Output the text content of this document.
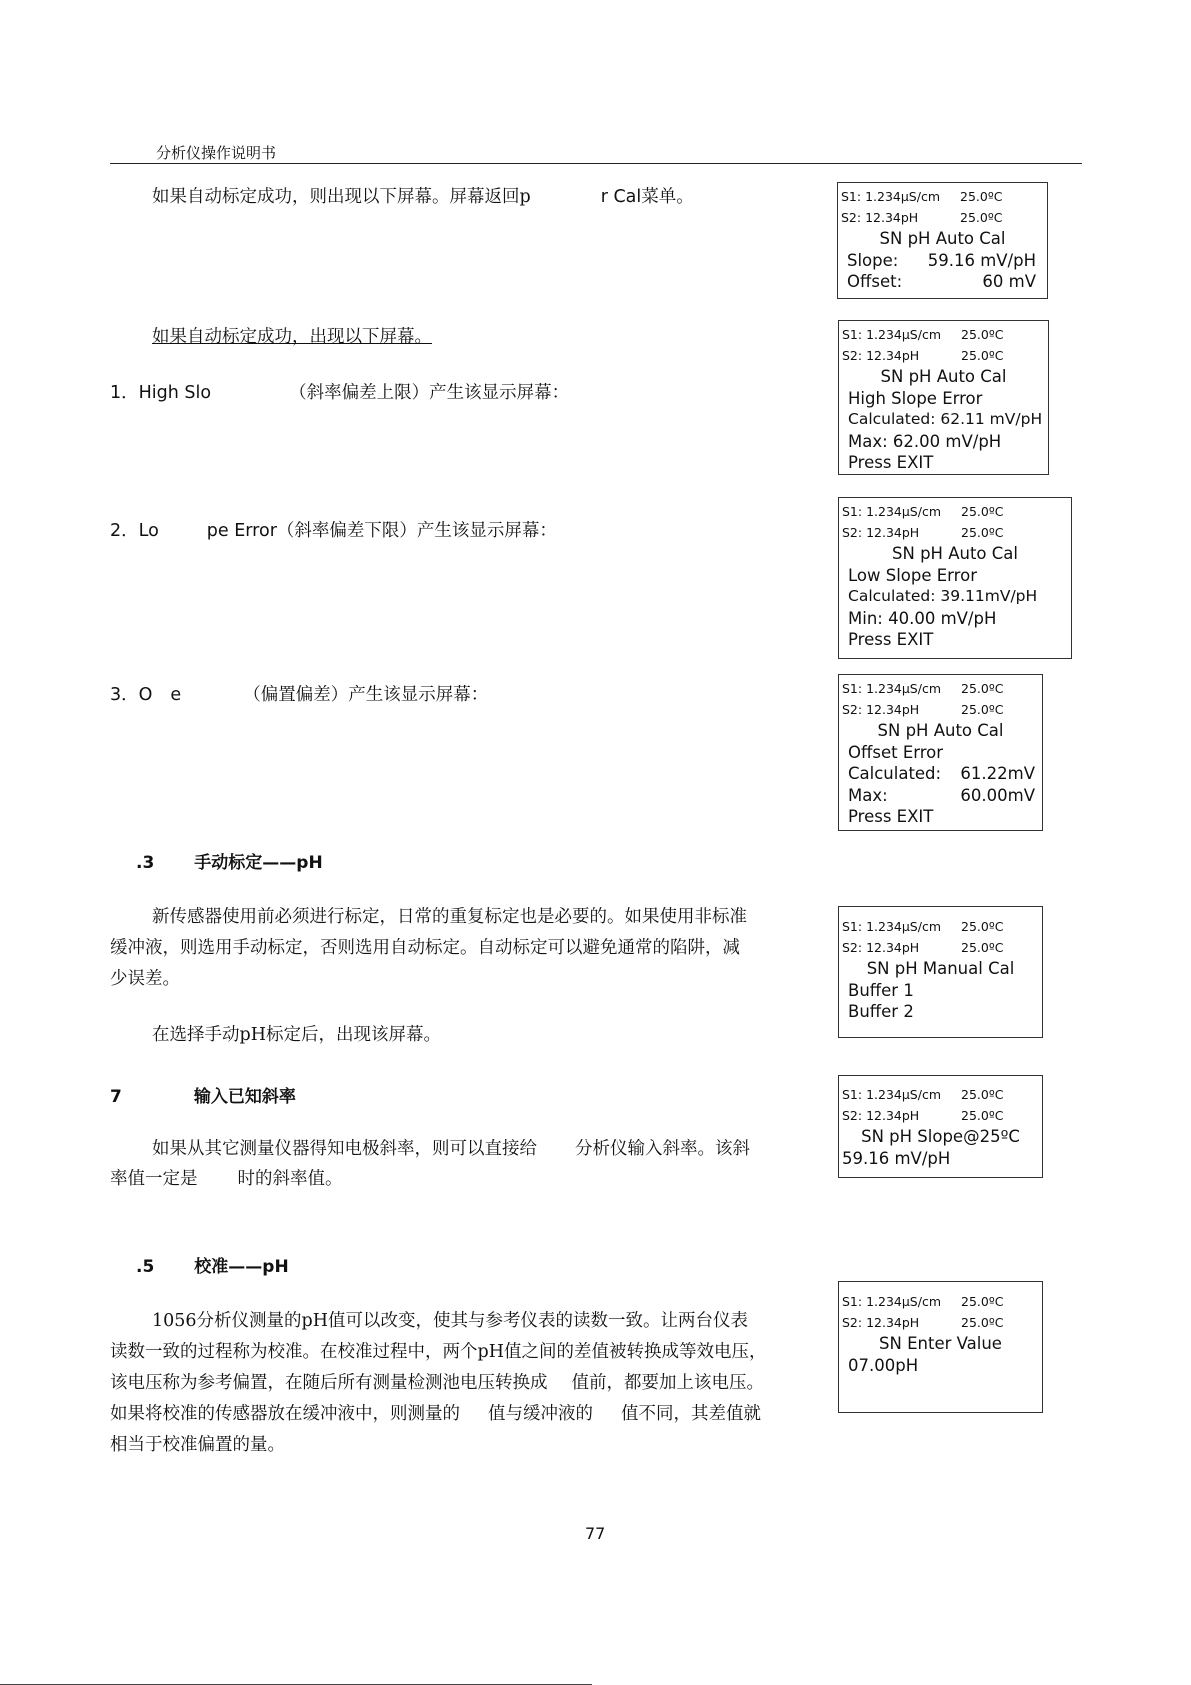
分析仪操作说明书
如果自动标定成功，则出现以下屏幕。屏幕返回p	r Cal菜单。
如果自动标定成功，出现以下屏幕。
1．High Slo	（斜率偏差上限）产生该显示屏幕：
2．Lo	pe Error（斜率偏差下限）产生该显示屏幕：
3．O e	（偏置偏差）产生该显示屏幕：
.3 手动标定——pH
新传感器使用前必须进行标定，日常的重复标定也是必要的。如果使用非标准
缓冲液，则选用手动标定，否则选用自动标定。自动标定可以避免通常的陷阱，减
少误差。
在选择手动pH标定后，出现该屏幕。
7	输入已知斜率
如果从其它测量仪器得知电极斜率，则可以直接给 分析仪输入斜率。该斜
率值一定是 时的斜率值。
.5 校准——pH
1056分析仪测量的pH值可以改变，使其与参考仪表的读数一致。让两台仪表
读数一致的过程称为校准。在校准过程中，两个pH值之间的差值被转换成等效电压，
该电压称为参考偏置，在随后所有测量检测池电压转换成 值前，都要加上该电压。
如果将校准的传感器放在缓冲液中，则测量的 值与缓冲液的 值不同，其差值就
相当于校准偏置的量。
S1: 1.234μS/cm 25.0ºC
S2: 12.34pH	25.0ºC
SN pH Auto Cal
Slope: 59.16 mV/pH
Offset:	60 mV
S1: 1.234μS/cm 25.0ºC
S2: 12.34pH	25.0ºC
SN pH Auto Cal
High Slope Error
Calculated: 62.11 mV/pH
Max: 62.00 mV/pH
Press EXIT
S1: 1.234μS/cm 25.0ºC
S2: 12.34pH	25.0ºC
SN pH Auto Cal
Low Slope Error
Calculated: 39.11mV/pH
Min: 40.00 mV/pH
Press EXIT
S1: 1.234μS/cm 25.0ºC
S2: 12.34pH	25.0ºC
SN pH Auto Cal
Offset Error
Calculated: 61.22mV
Max:	60.00mV
Press EXIT
S1: 1.234μS/cm 25.0ºC
S2: 12.34pH	25.0ºC
SN pH Manual Cal
Buffer 1
Buffer 2
S1: 1.234μS/cm 25.0ºC
S2: 12.34pH	25.0ºC
SN pH Slope@25ºC
59.16 mV/pH
S1: 1.234μS/cm 25.0ºC
S2: 12.34pH	25.0ºC
SN Enter Value
07.00pH
77
